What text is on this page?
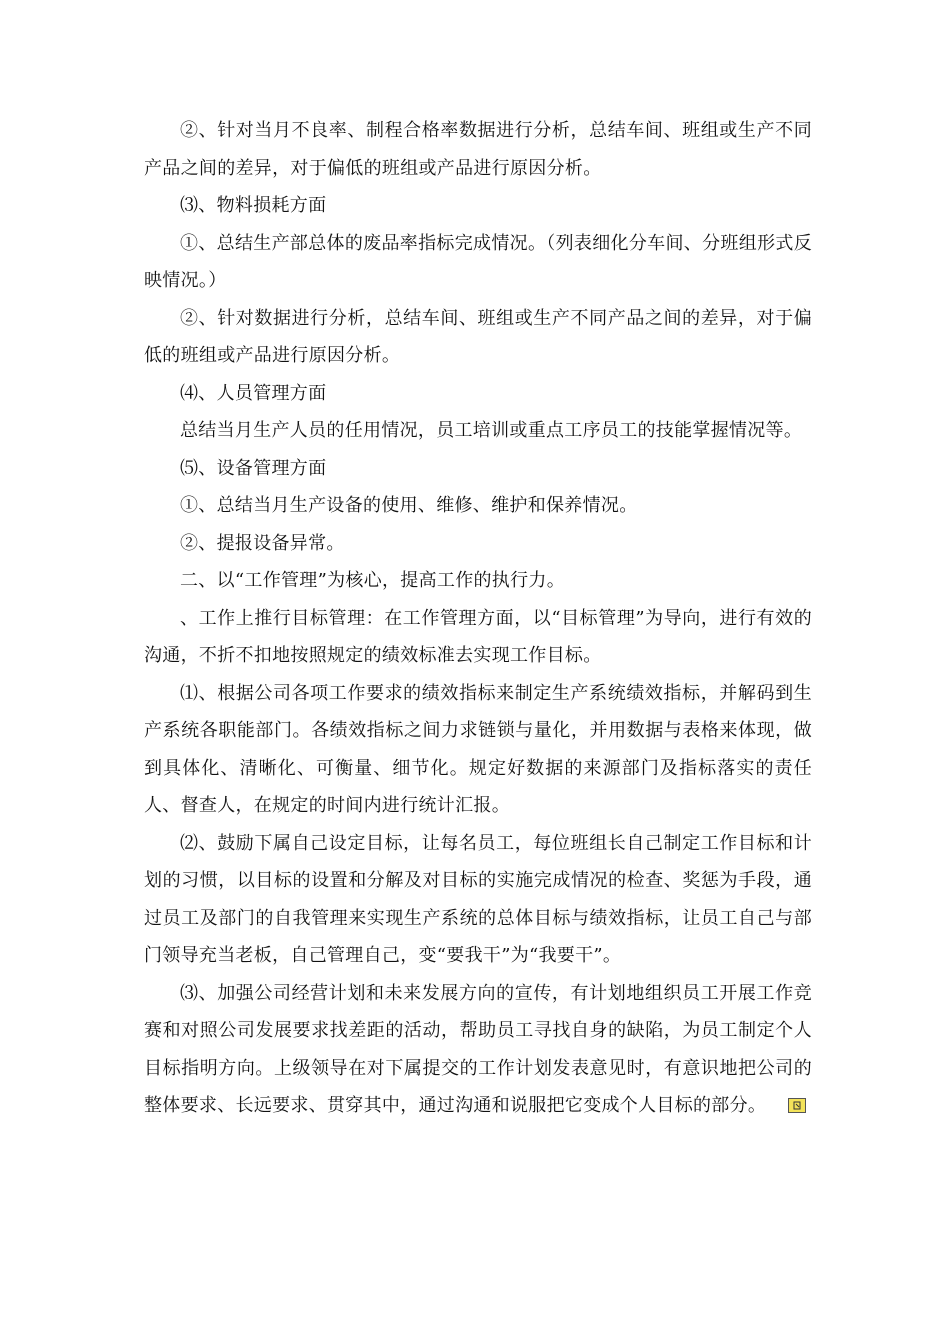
②、针对当月不良率、制程合格率数据进行分析，总结车间、班组或生产不同产品之间的差异，对于偏低的班组或产品进行原因分析。

⑶、物料损耗方面

①、总结生产部总体的废品率指标完成情况。（列表细化分车间、分班组形式反映情况。）

②、针对数据进行分析，总结车间、班组或生产不同产品之间的差异，对于偏低的班组或产品进行原因分析。

⑷、人员管理方面

总结当月生产人员的任用情况，员工培训或重点工序员工的技能掌握情况等。

⑸、设备管理方面

①、总结当月生产设备的使用、维修、维护和保养情况。

②、提报设备异常。

二、以“工作管理”为核心，提高工作的执行力。

、工作上推行目标管理：在工作管理方面，以“目标管理”为导向，进行有效的沟通，不折不扣地按照规定的绩效标准去实现工作目标。

⑴、根据公司各项工作要求的绩效指标来制定生产系统绩效指标，并解码到生产系统各职能部门。各绩效指标之间力求链锁与量化，并用数据与表格来体现，做到具体化、清晰化、可衡量、细节化。规定好数据的来源部门及指标落实的责任人、督查人，在规定的时间内进行统计汇报。

⑵、鼓励下属自己设定目标，让每名员工，每位班组长自己制定工作目标和计划的习惯，以目标的设置和分解及对目标的实施完成情况的检查、奖惩为手段，通过员工及部门的自我管理来实现生产系统的总体目标与绩效指标，让员工自己与部门领导充当老板，自己管理自己，变“要我干”为“我要干”。

⑶、加强公司经营计划和未来发展方向的宣传，有计划地组织员工开展工作竞赛和对照公司发展要求找差距的活动，帮助员工寻找自身的缺陷，为员工制定个人目标指明方向。上级领导在对下属提交的工作计划发表意见时，有意识地把公司的整体要求、长远要求、贯穿其中，通过沟通和说服把它变成个人目标的部分。
